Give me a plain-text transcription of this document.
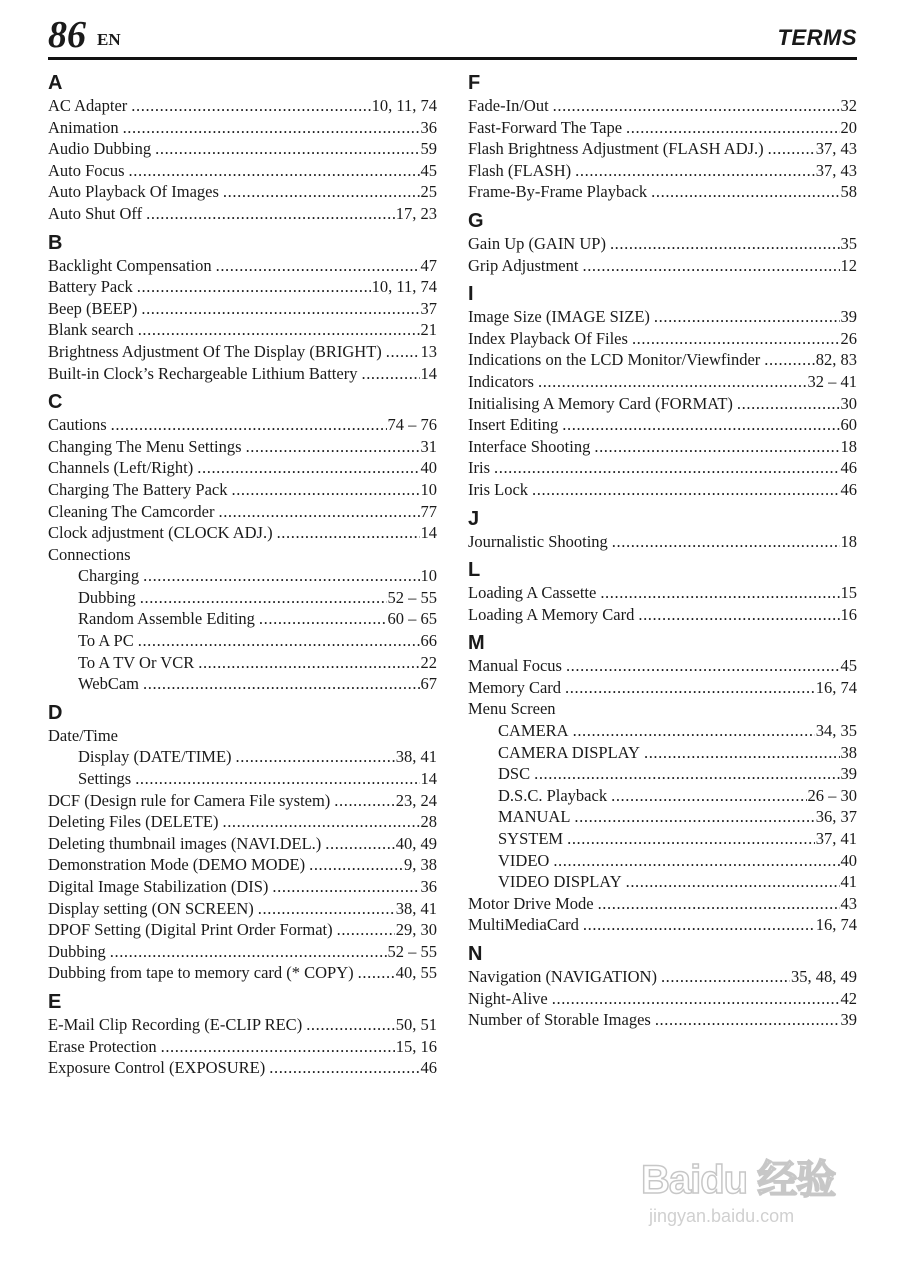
86 EN	TERMS
A
AC Adapter .....	10, 11, 74
Animation .....	36
Audio Dubbing .....	59
Auto Focus .....	45
Auto Playback Of Images .....	25
Auto Shut Off .....	17, 23
B
Backlight Compensation .....	47
Battery Pack .....	10, 11, 74
Beep (BEEP) .....	37
Blank search .....	21
Brightness Adjustment Of The Display (BRIGHT) ..... 13
Built-in Clock’s Rechargeable Lithium Battery .....	14
C
Cautions .....	74 – 76
Changing The Menu Settings .....	31
Channels (Left/Right) .....	40
Charging The Battery Pack .....	10
Cleaning The Camcorder .....	77
Clock adjustment (CLOCK ADJ.) .....	14
Connections
Charging .....	10
Dubbing .....	52 – 55
Random Assemble Editing .....	60 – 65
To A PC .....	66
To A TV Or VCR .....	22
WebCam .....	67
D
Date/Time
Display (DATE/TIME) .....	38, 41
Settings .....	14
DCF (Design rule for Camera File system) .....	23, 24
Deleting Files (DELETE) .....	28
Deleting thumbnail images (NAVI.DEL.) .....	40, 49
Demonstration Mode (DEMO MODE) .....	9, 38
Digital Image Stabilization (DIS) .....	36
Display setting (ON SCREEN) .....	38, 41
DPOF Setting (Digital Print Order Format) .....	29, 30
Dubbing .....	52 – 55
Dubbing from tape to memory card (* COPY) .....	40, 55
E
E-Mail Clip Recording (E-CLIP REC) .....	50, 51
Erase Protection .....	15, 16
Exposure Control (EXPOSURE) .....	46
F
Fade-In/Out .....	32
Fast-Forward The Tape .....	20
Flash Brightness Adjustment (FLASH ADJ.) .....	37, 43
Flash (FLASH) .....	37, 43
Frame-By-Frame Playback .....	58
G
Gain Up (GAIN UP) .....	35
Grip Adjustment .....	12
I
Image Size (IMAGE SIZE) .....	39
Index Playback Of Files .....	26
Indications on the LCD Monitor/Viewfinder .....	82, 83
Indicators .....	32 – 41
Initialising A Memory Card (FORMAT) .....	30
Insert Editing .....	60
Interface Shooting .....	18
Iris .....	46
Iris Lock .....	46
J
Journalistic Shooting .....	18
L
Loading A Cassette .....	15
Loading A Memory Card .....	16
M
Manual Focus .....	45
Memory Card .....	16, 74
Menu Screen
CAMERA .....	34, 35
CAMERA DISPLAY .....	38
DSC .....	39
D.S.C. Playback .....	26 – 30
MANUAL .....	36, 37
SYSTEM .....	37, 41
VIDEO .....	40
VIDEO DISPLAY .....	41
Motor Drive Mode .....	43
MultiMediaCard .....	16, 74
N
Navigation (NAVIGATION) .....	35, 48, 49
Night-Alive .....	42
Number of Storable Images .....	39
Baidu 经验
jingyan.baidu.com
